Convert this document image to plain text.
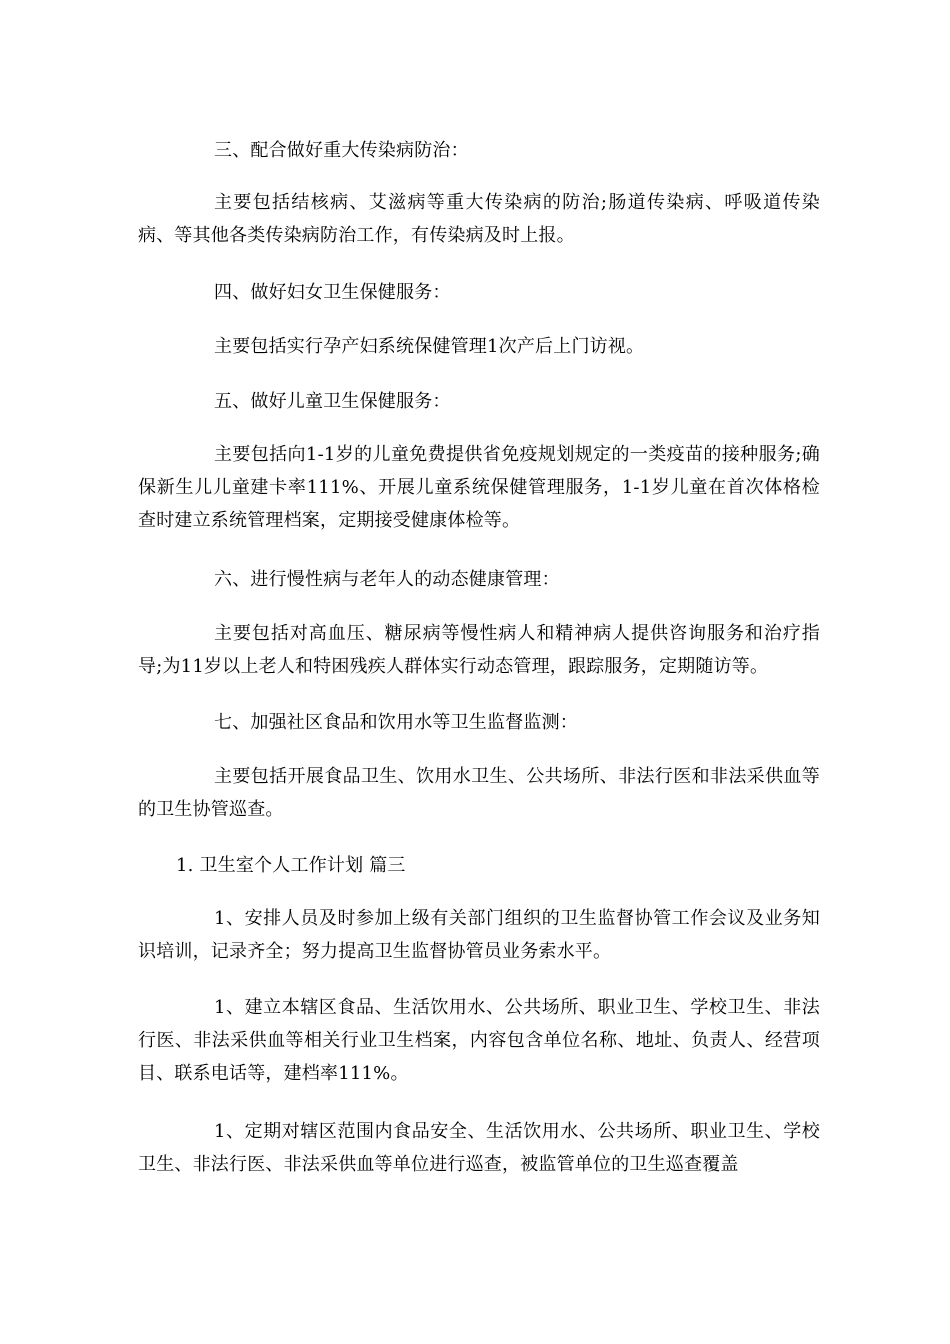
三、配合做好重大传染病防治：

主要包括结核病、艾滋病等重大传染病的防治;肠道传染病、呼吸道传染病、等其他各类传染病防治工作，有传染病及时上报。

四、做好妇女卫生保健服务：

主要包括实行孕产妇系统保健管理1次产后上门访视。

五、做好儿童卫生保健服务：

主要包括向1-1岁的儿童免费提供省免疫规划规定的一类疫苗的接种服务;确保新生儿儿童建卡率111%、开展儿童系统保健管理服务，1-1岁儿童在首次体格检查时建立系统管理档案，定期接受健康体检等。

六、进行慢性病与老年人的动态健康管理：

主要包括对高血压、糖尿病等慢性病人和精神病人提供咨询服务和治疗指导;为11岁以上老人和特困残疾人群体实行动态管理，跟踪服务，定期随访等。

七、加强社区食品和饮用水等卫生监督监测：

主要包括开展食品卫生、饮用水卫生、公共场所、非法行医和非法采供血等的卫生协管巡查。

1. 卫生室个人工作计划 篇三

1、安排人员及时参加上级有关部门组织的卫生监督协管工作会议及业务知识培训，记录齐全；努力提高卫生监督协管员业务索水平。

1、建立本辖区食品、生活饮用水、公共场所、职业卫生、学校卫生、非法行医、非法采供血等相关行业卫生档案，内容包含单位名称、地址、负责人、经营项目、联系电话等，建档率111%。

1、定期对辖区范围内食品安全、生活饮用水、公共场所、职业卫生、学校卫生、非法行医、非法采供血等单位进行巡查，被监管单位的卫生巡查覆盖
